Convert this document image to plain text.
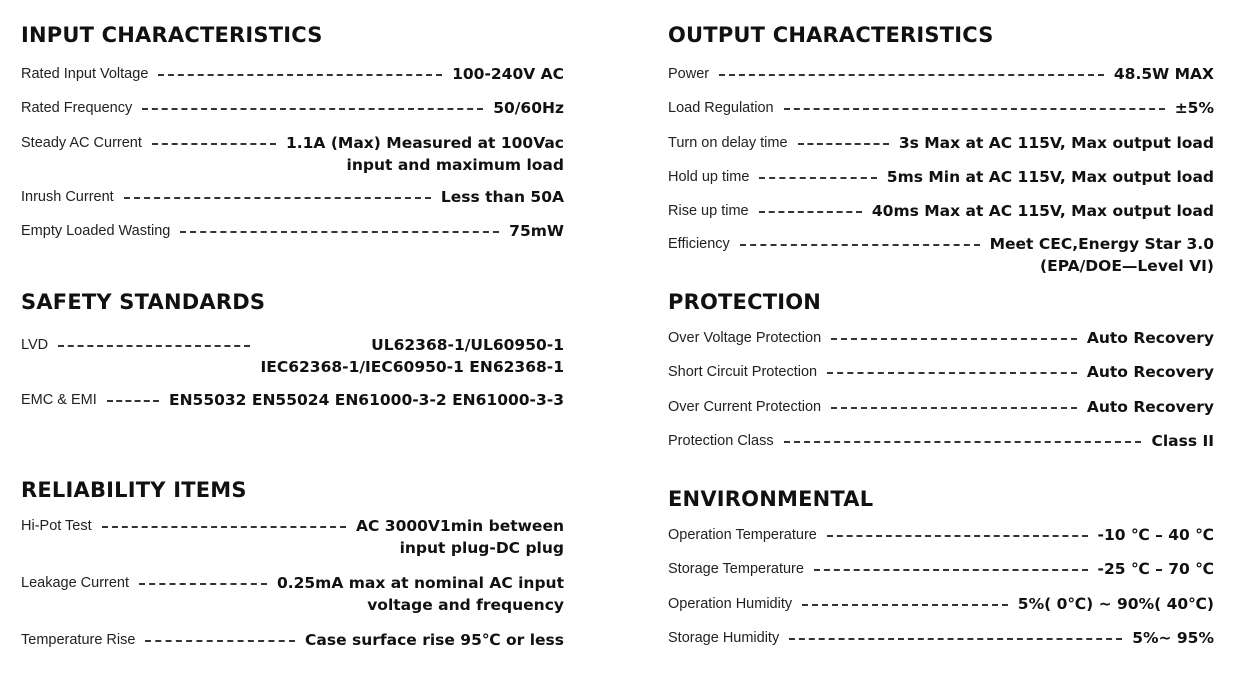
INPUT CHARACTERISTICS
Rated Input Voltage	100-240V AC
Rated Frequency	50/60Hz
Steady AC Current	1.1A (Max) Measured at 100Vac
input and maximum load
Inrush Current	Less than 50A
Empty Loaded Wasting	75mW
SAFETY STANDARDS
LVD	UL62368-1/UL60950-1
IEC62368-1/IEC60950-1 EN62368-1
EMC & EMI	EN55032 EN55024 EN61000-3-2 EN61000-3-3
RELIABILITY ITEMS
Hi-Pot Test	AC 3000V1min between
input plug-DC plug
Leakage Current	0.25mA max at nominal AC input
voltage and frequency
Temperature Rise	Case surface rise 95℃ or less
OUTPUT CHARACTERISTICS
Power	48.5W MAX
Load Regulation	±5%
Turn on delay time	3s Max at AC 115V, Max output load
Hold up time	5ms Min at AC 115V, Max output load
Rise up time	40ms Max at AC 115V, Max output load
Efficiency	Meet CEC,Energy Star 3.0
(EPA/DOE—Level VI)
PROTECTION
Over Voltage Protection	Auto Recovery
Short Circuit Protection	Auto Recovery
Over Current Protection	Auto Recovery
Protection Class	Class II
ENVIRONMENTAL
Operation Temperature	-10 ℃ – 40 ℃
Storage Temperature	-25 ℃ – 70 ℃
Operation Humidity	5%( 0℃) ~ 90%( 40℃)
Storage Humidity	5%~ 95%
